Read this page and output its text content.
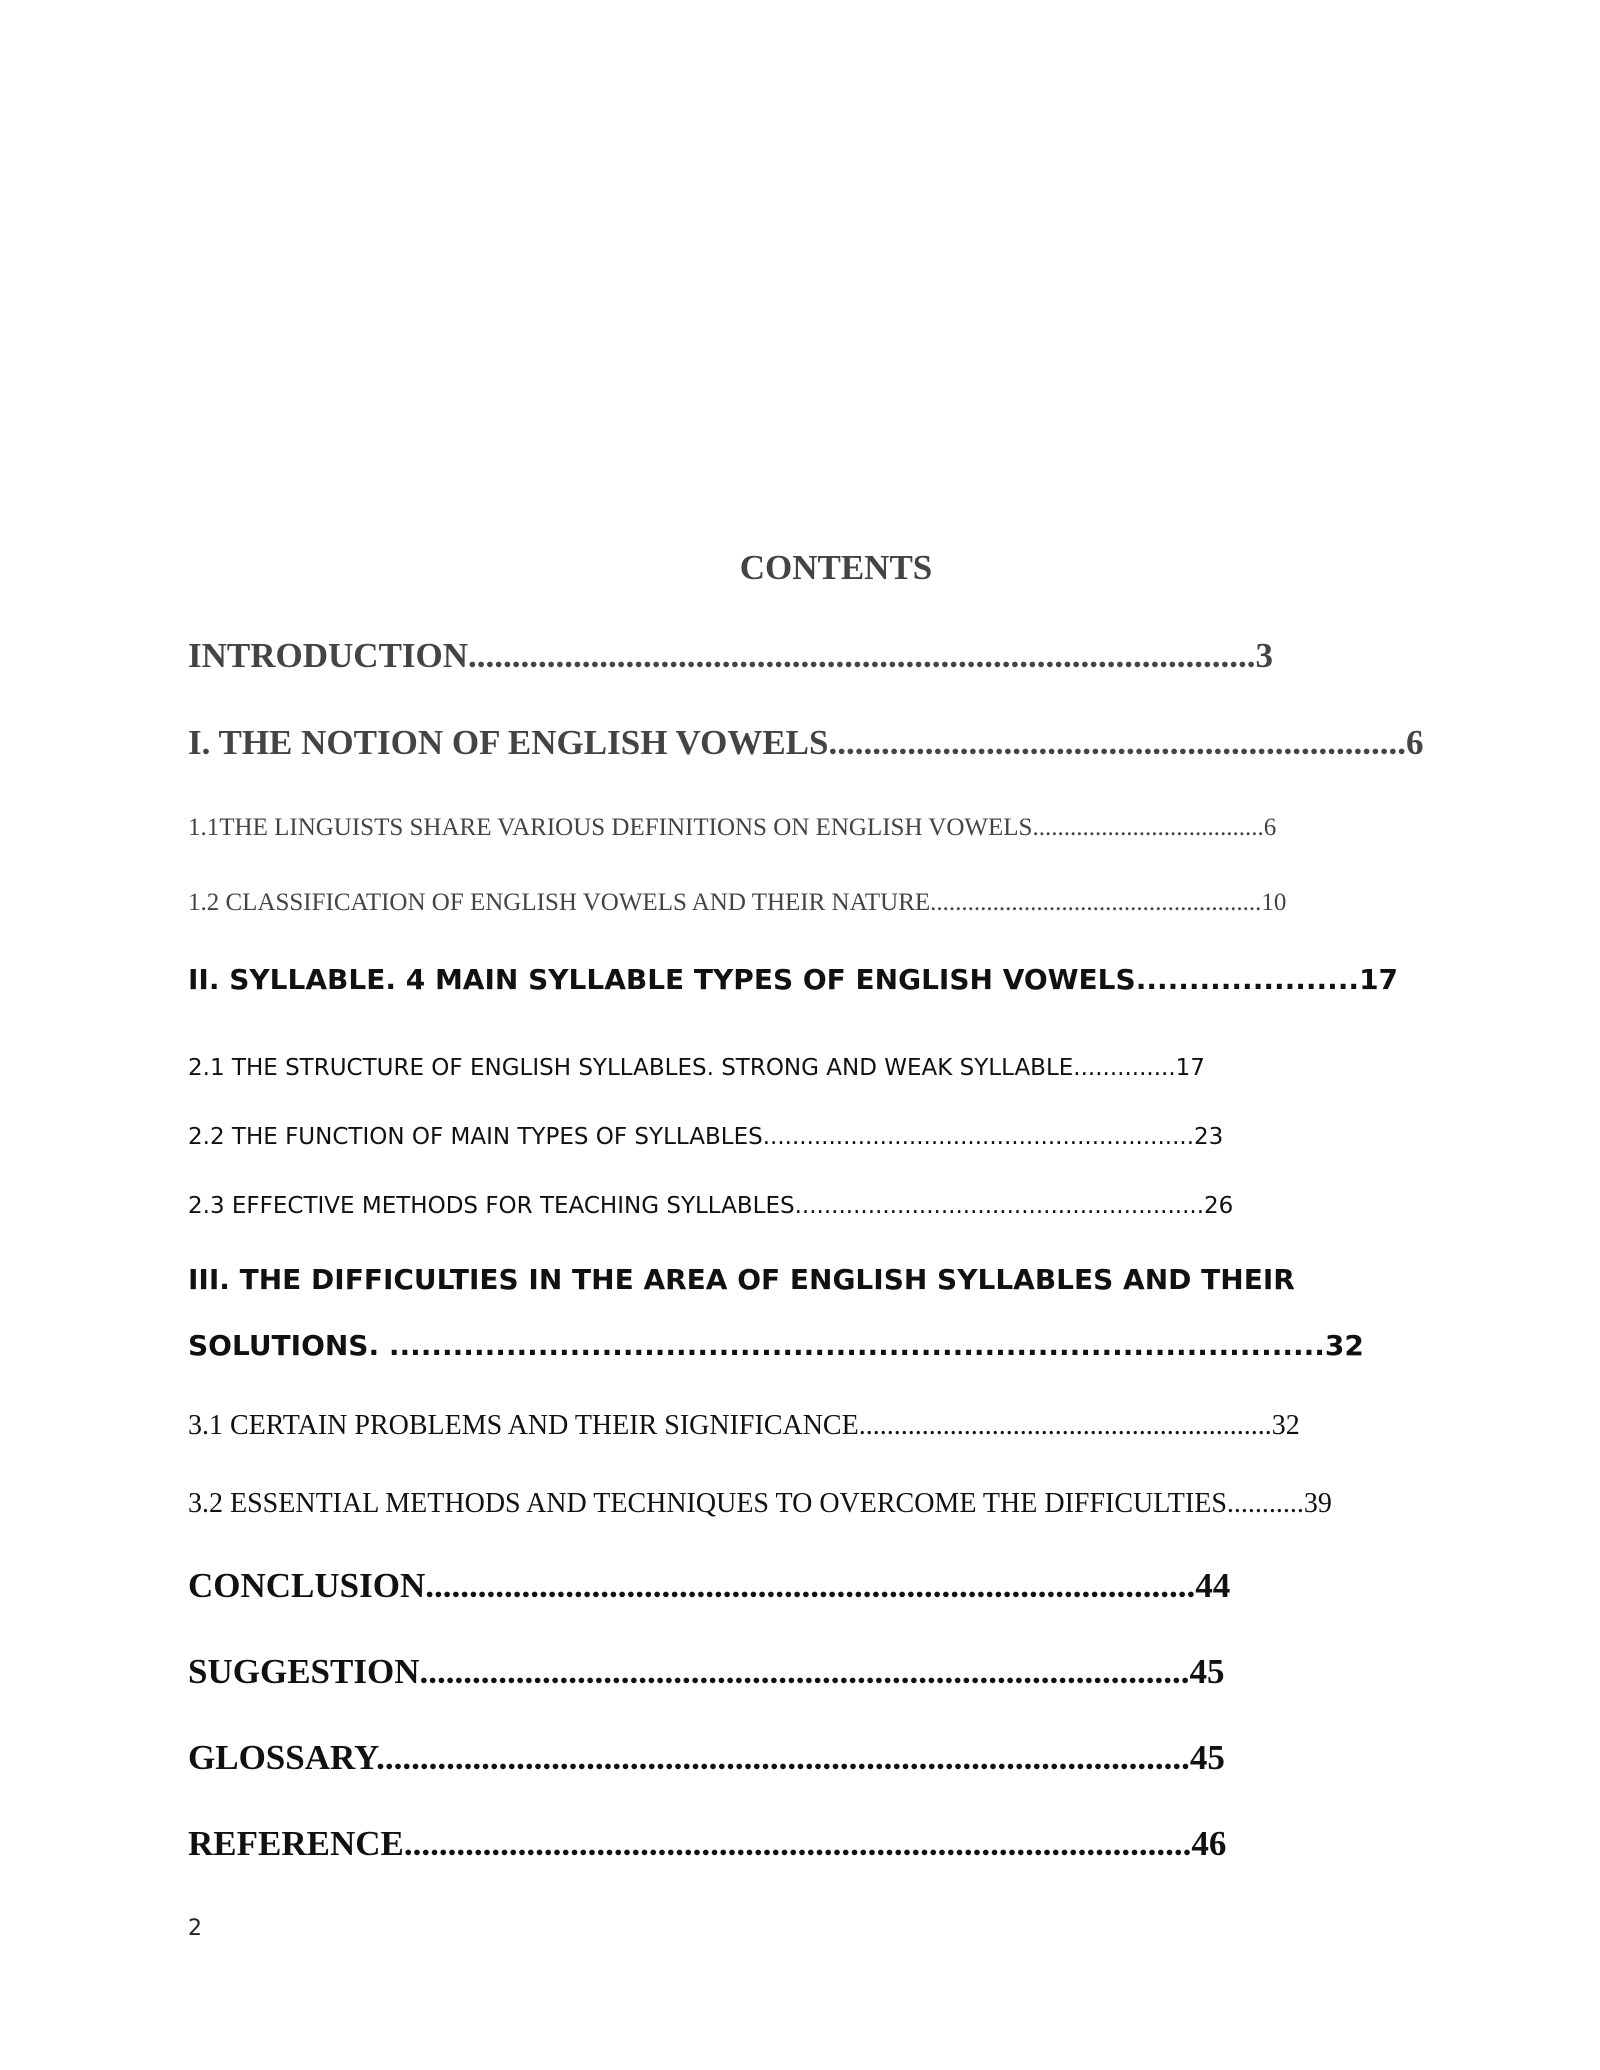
CONTENTS
INTRODUCTION..........................................................................................3
I. THE NOTION OF ENGLISH VOWELS..................................................................6
1.1THE LINGUISTS SHARE VARIOUS DEFINITIONS ON ENGLISH VOWELS.....................................6
1.2 CLASSIFICATION OF ENGLISH VOWELS AND THEIR NATURE.....................................................10
II. SYLLABLE. 4 MAIN SYLLABLE TYPES OF ENGLISH VOWELS.....................17
2.1 THE STRUCTURE OF ENGLISH SYLLABLES. STRONG AND WEAK SYLLABLE..............17
2.2 THE FUNCTION OF MAIN TYPES OF SYLLABLES...........................................................23
2.3 EFFECTIVE METHODS FOR TEACHING SYLLABLES........................................................26
III. THE DIFFICULTIES IN THE AREA OF ENGLISH SYLLABLES AND THEIR
SOLUTIONS. ........................................................................................32
3.1 CERTAIN PROBLEMS AND THEIR SIGNIFICANCE...........................................................32
3.2 ESSENTIAL METHODS AND TECHNIQUES TO OVERCOME THE DIFFICULTIES...........39
CONCLUSION........................................................................................44
SUGGESTION........................................................................................45
GLOSSARY.............................................................................................45
REFERENCE..........................................................................................46
2
